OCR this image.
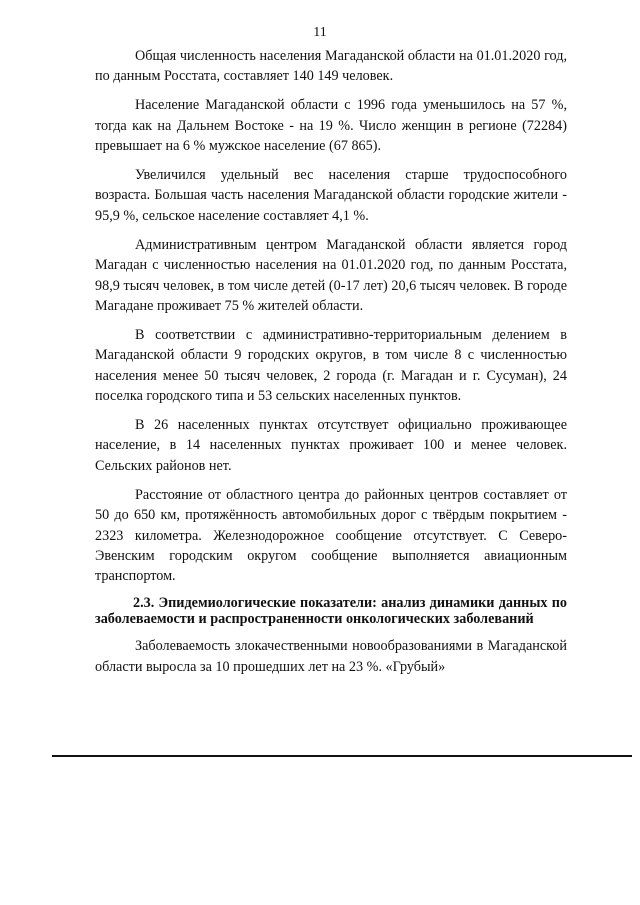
11

Общая численность населения Магаданской области на 01.01.2020 год, по данным Росстата, составляет 140 149 человек.

Население Магаданской области с 1996 года уменьшилось на 57 %, тогда как на Дальнем Востоке - на 19 %. Число женщин в регионе (72284) превышает на 6 % мужское население (67 865).

Увеличился удельный вес населения старше трудоспособного возраста. Большая часть населения Магаданской области городские жители - 95,9 %, сельское население составляет 4,1 %.

Административным центром Магаданской области является город Магадан с численностью населения на 01.01.2020 год, по данным Росстата, 98,9 тысяч человек, в том числе детей (0-17 лет) 20,6 тысяч человек. В городе Магадане проживает 75 % жителей области.

В соответствии с административно-территориальным делением в Магаданской области 9 городских округов, в том числе 8 с численностью населения менее 50 тысяч человек, 2 города (г. Магадан и г. Сусуман), 24 поселка городского типа и 53 сельских населенных пунктов.

В 26 населенных пунктах отсутствует официально проживающее население, в 14 населенных пунктах проживает 100 и менее человек. Сельских районов нет.

Расстояние от областного центра до районных центров составляет от 50 до 650 км, протяжённость автомобильных дорог с твёрдым покрытием - 2323 километра. Железнодорожное сообщение отсутствует. С Северо-Эвенским городским округом сообщение выполняется авиационным транспортом.

2.3. Эпидемиологические показатели: анализ динамики данных по заболеваемости и распространенности онкологических заболеваний

Заболеваемость злокачественными новообразованиями в Магаданской области выросла за 10 прошедших лет на 23 %. «Грубый»
